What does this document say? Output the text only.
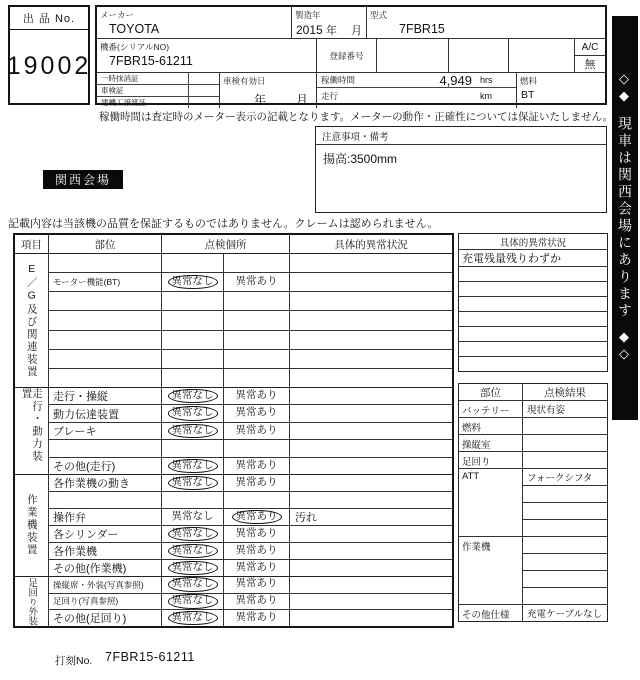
出 品 No.
19002
メーカー
TOYOTA
製造年
2015 年 月
型式
7FBR15
機番(シリアルNO)
7FBR15-61211	登録番号
A/C
無
一時抹消証
車検証
建機工譲渡証
車検有効日
年 月
稼働時間	4,949 hrs
走行	km
燃料
BT	◇◆
現車は関西会場にあります
◆◇
稼働時間は査定時のメーター表示の記載となります。メーターの動作・正確性については保証いたしません。
関西会場
注意事項・備考
揚高:3500mm
記載内容は当該機の品質を保証するものではありません。クレームは認められません。
項目	部位	点検個所	具体的異常状況
E／G及び関連装置	モーター機能(BT)	異常なし	異常あり
走行・動力装置	走行・操縦	異常なし	異常あり
動力伝達装置	異常なし	異常あり
ブレーキ	異常なし	異常あり
その他(走行)	異常なし	異常あり
作業機装置
各作業機の動き	異常なし	異常あり
操作弁	異常なし	異常あり	汚れ
各シリンダー	異常なし	異常あり
各作業機	異常なし	異常あり
その他(作業機)	異常なし	異常あり
足回り外装	操縦席・外装(写真参照)	異常なし	異常あり
足回り(写真参照)	異常なし	異常あり
その他(足回り)	異常なし	異常あり
具体的異常状況
充電残量残りわずか
部位	点検結果
バッテリー	現状有姿
燃料
操縦室
足回り
ATT	フォークシフタ
作業機
その他仕様	充電ケーブルなし
打刻No. 7FBR15-61211
